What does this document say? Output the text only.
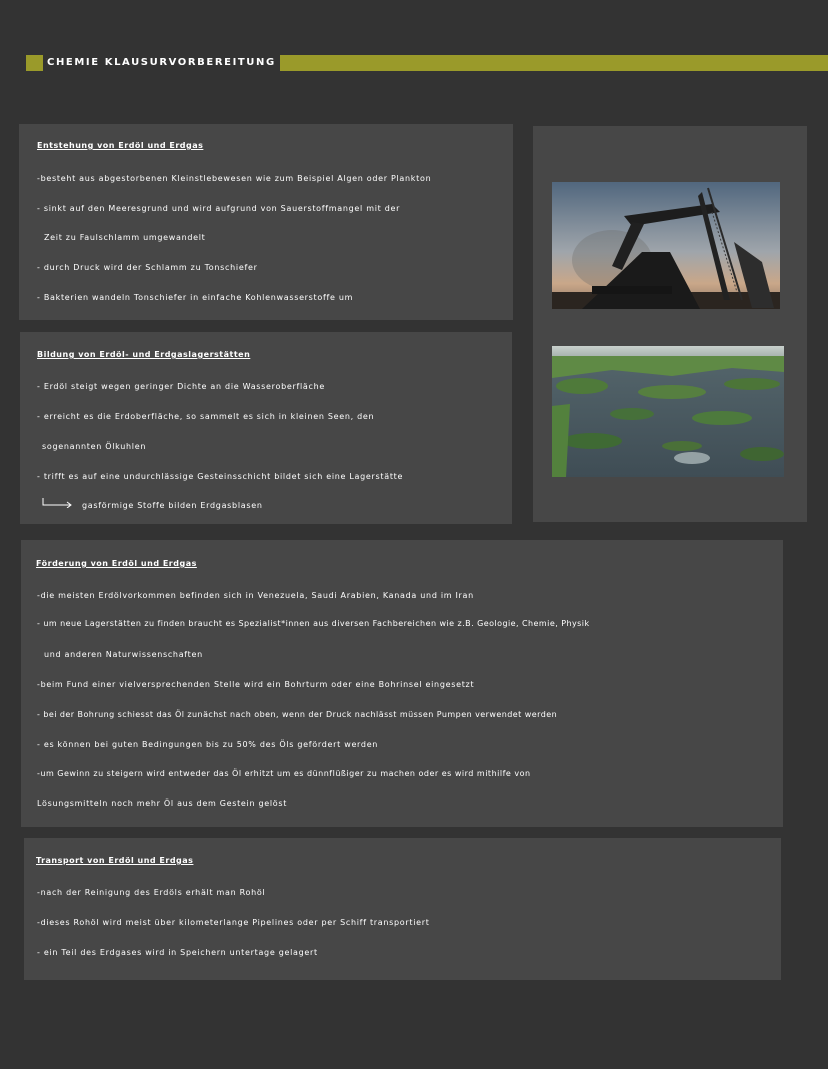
CHEMIE KLAUSURVORBEREITUNG
Entstehung von Erdöl und Erdgas
-besteht aus abgestorbenen Kleinstlebewesen wie zum Beispiel Algen oder Plankton
- sinkt auf den Meeresgrund und wird aufgrund von Sauerstoffmangel mit der
Zeit zu Faulschlamm umgewandelt
- durch Druck wird der Schlamm zu Tonschiefer
- Bakterien wandeln Tonschiefer in einfache Kohlenwasserstoffe um
Bildung von Erdöl- und Erdgaslagerstätten
- Erdöl steigt wegen geringer Dichte an die Wasseroberfläche
- erreicht es die Erdoberfläche, so sammelt es sich in kleinen Seen, den
sogenannten Ölkuhlen
- trifft es auf eine undurchlässige Gesteinsschicht bildet sich eine Lagerstätte
gasförmige Stoffe bilden Erdgasblasen
Förderung von Erdöl und Erdgas
-die meisten Erdölvorkommen befinden sich in Venezuela, Saudi Arabien, Kanada und im Iran
- um neue Lagerstätten zu finden braucht es Spezialist*innen aus diversen Fachbereichen wie z.B. Geologie, Chemie, Physik
und anderen Naturwissenschaften
-beim Fund einer vielversprechenden Stelle wird ein Bohrturm oder eine Bohrinsel eingesetzt
- bei der Bohrung schiesst das Öl zunächst nach oben, wenn der Druck nachlässt müssen Pumpen verwendet werden
- es können bei guten Bedingungen bis zu 50% des Öls gefördert werden
-um Gewinn zu steigern wird entweder das Öl erhitzt um es dünnflüßiger zu machen oder es wird mithilfe von
Lösungsmitteln noch mehr Öl aus dem Gestein gelöst
Transport von Erdöl und Erdgas
-nach der Reinigung des Erdöls erhält man Rohöl
-dieses Rohöl wird meist über kilometerlange Pipelines oder per Schiff transportiert
- ein Teil des Erdgases wird in Speichern untertage gelagert
